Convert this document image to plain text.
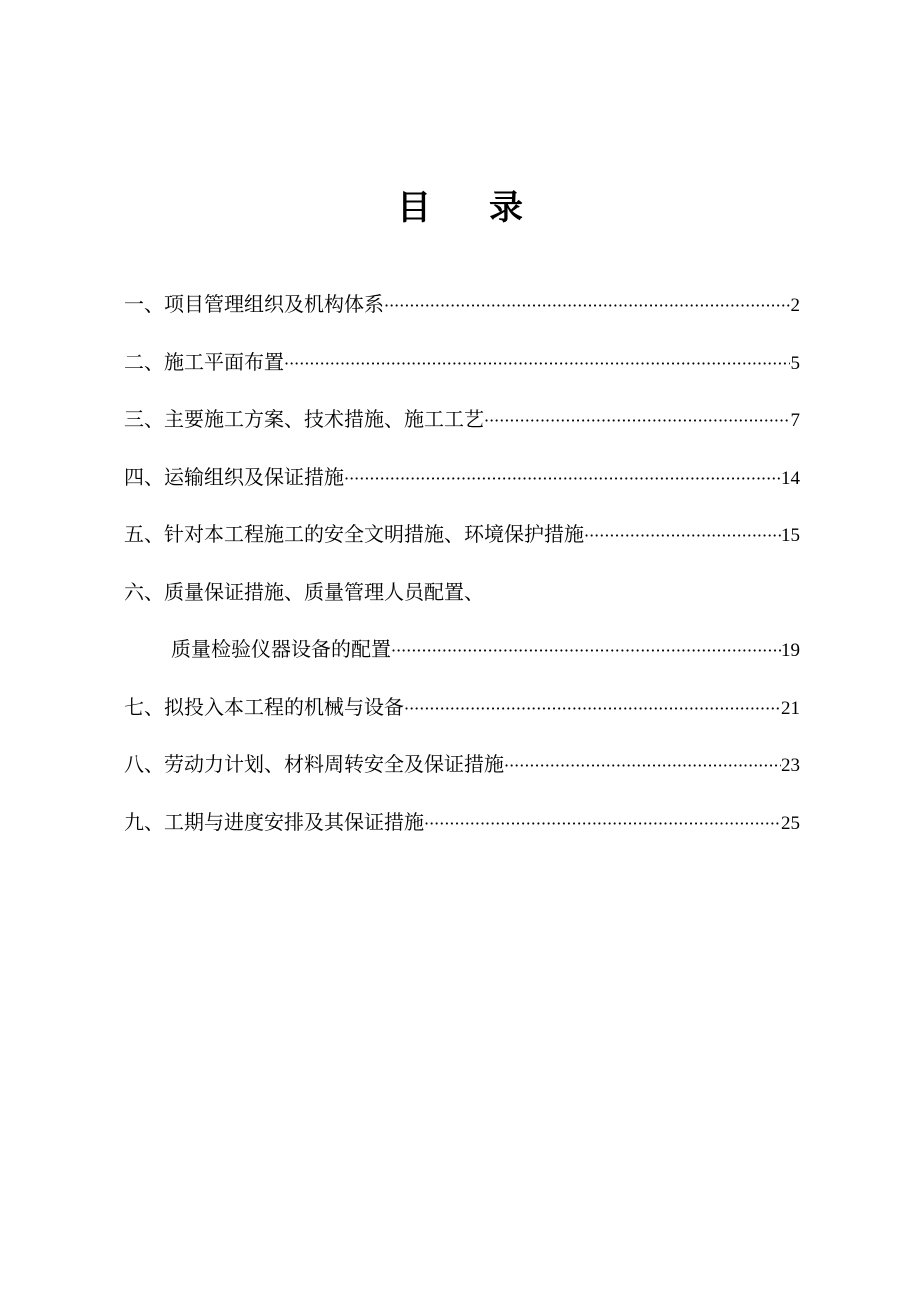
目录
一、项目管理组织及机构体系 ·····	2
二、施工平面布置 ·····	5
三、主要施工方案、技术措施、施工工艺 ·····	7
四、运输组织及保证措施 ·····	14
五、针对本工程施工的安全文明措施、环境保护措施 ·····	15
六、质量保证措施、质量管理人员配置、
质量检验仪器设备的配置 ·····	19
七、拟投入本工程的机械与设备 ·····	21
八、劳动力计划、材料周转安全及保证措施 ·····	23
九、工期与进度安排及其保证措施 ·····	25
